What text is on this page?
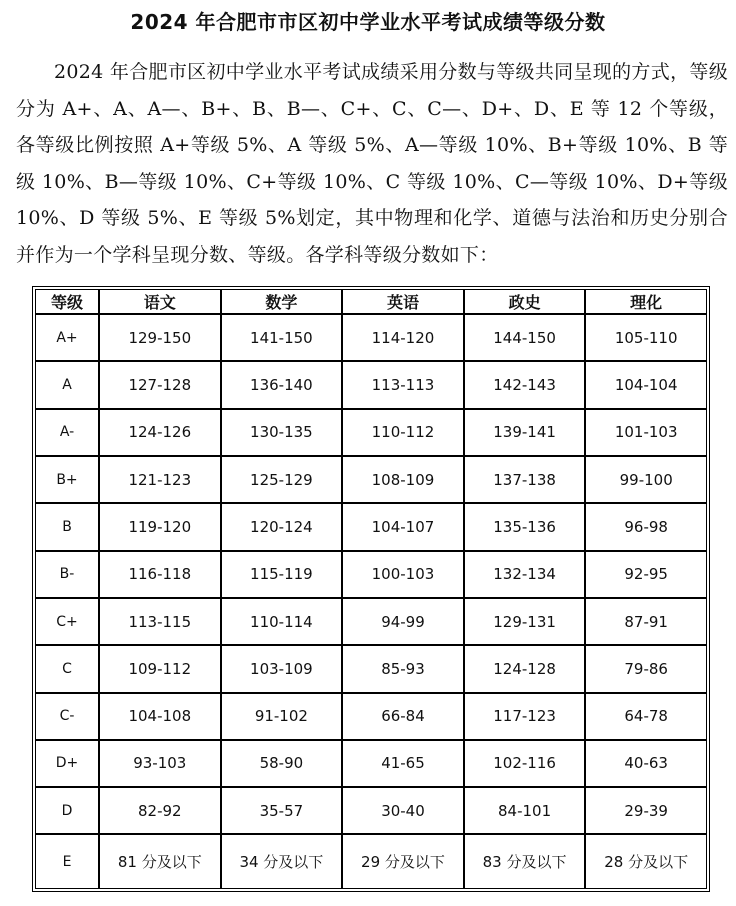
2024 年合肥市市区初中学业水平考试成绩等级分数

2024 年合肥市区初中学业水平考试成绩采用分数与等级共同呈现的方式，等级分为 A+、A、A—、B+、B、B—、C+、C、C—、D+、D、E 等 12 个等级，各等级比例按照 A+等级 5%、A 等级 5%、A—等级 10%、B+等级 10%、B 等级 10%、B—等级 10%、C+等级 10%、C 等级 10%、C—等级 10%、D+等级 10%、D 等级 5%、E 等级 5%划定，其中物理和化学、道德与法治和历史分别合并作为一个学科呈现分数、等级。各学科等级分数如下：

等级	语文	数学	英语	政史	理化
A+	129-150	141-150	114-120	144-150	105-110
A	127-128	136-140	113-113	142-143	104-104
A-	124-126	130-135	110-112	139-141	101-103
B+	121-123	125-129	108-109	137-138	99-100
B	119-120	120-124	104-107	135-136	96-98
B-	116-118	115-119	100-103	132-134	92-95
C+	113-115	110-114	94-99	129-131	87-91
C	109-112	103-109	85-93	124-128	79-86
C-	104-108	91-102	66-84	117-123	64-78
D+	93-103	58-90	41-65	102-116	40-63
D	82-92	35-57	30-40	84-101	29-39
E	81 分及以下	34 分及以下	29 分及以下	83 分及以下	28 分及以下
